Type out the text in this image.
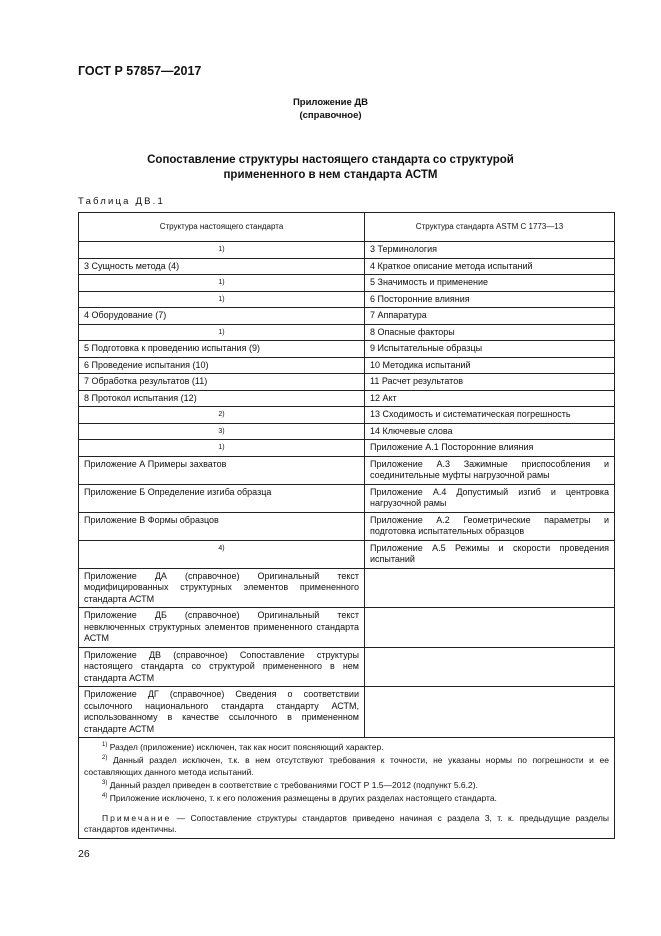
ГОСТ Р 57857—2017
Приложение ДВ
(справочное)
Сопоставление структуры настоящего стандарта со структурой
примененного в нем стандарта АСТМ
Таблица ДВ.1
Структура настоящего стандарта	Структура стандарта ASTM C 1773—13
1)	3 Терминология
3 Сущность метода (4)	4 Краткое описание метода испытаний
1)	5 Значимость и применение
1)	6 Посторонние влияния
4 Оборудование (7)	7 Аппаратура
1)	8 Опасные факторы
5 Подготовка к проведению испытания (9)	9 Испытательные образцы
6 Проведение испытания (10)	10 Методика испытаний
7 Обработка результатов (11)	11 Расчет результатов
8 Протокол испытания (12)	12 Акт
2)	13 Сходимость и систематическая погрешность
3)	14 Ключевые слова
1)	Приложение А.1 Посторонние влияния
Приложение А Примеры захватов	Приложение А.3 Зажимные приспособления и соединительные муфты нагрузочной рамы
Приложение Б Определение изгиба образца	Приложение А.4 Допустимый изгиб и центровка нагрузочной рамы
Приложение В Формы образцов	Приложение А.2 Геометрические параметры и подготовка испытательных образцов
4)	Приложение А.5 Режимы и скорости проведения испытаний
Приложение ДА (справочное) Оригинальный текст модифицированных структурных элементов примененного стандарта АСТМ	
Приложение ДБ (справочное) Оригинальный текст невключенных структурных элементов примененного стандарта АСТМ	
Приложение ДВ (справочное) Сопоставление структуры настоящего стандарта со структурой примененного в нем стандарта АСТМ	
Приложение ДГ (справочное) Сведения о соответствии ссылочного национального стандарта стандарту АСТМ, использованному в качестве ссылочного в примененном стандарте АСТМ	

$^{1)}$ Раздел (приложение) исключен, так как носит поясняющий характер.

$^{2)}$ Данный раздел исключен, т.к. в нем отсутствуют требования к точности, не указаны нормы по погрешности и ее составляющих данного метода испытаний.

$^{3)}$ Данный раздел приведен в соответствие с требованиями ГОСТ Р 1.5—2012 (подпункт 5.6.2).

$^{4)}$ Приложение исключено, т. к его положения размещены в других разделах настоящего стандарта.

Примечание — Сопоставление структуры стандартов приведено начиная с раздела 3, т. к. предыдущие разделы стандартов идентичны.	

26
